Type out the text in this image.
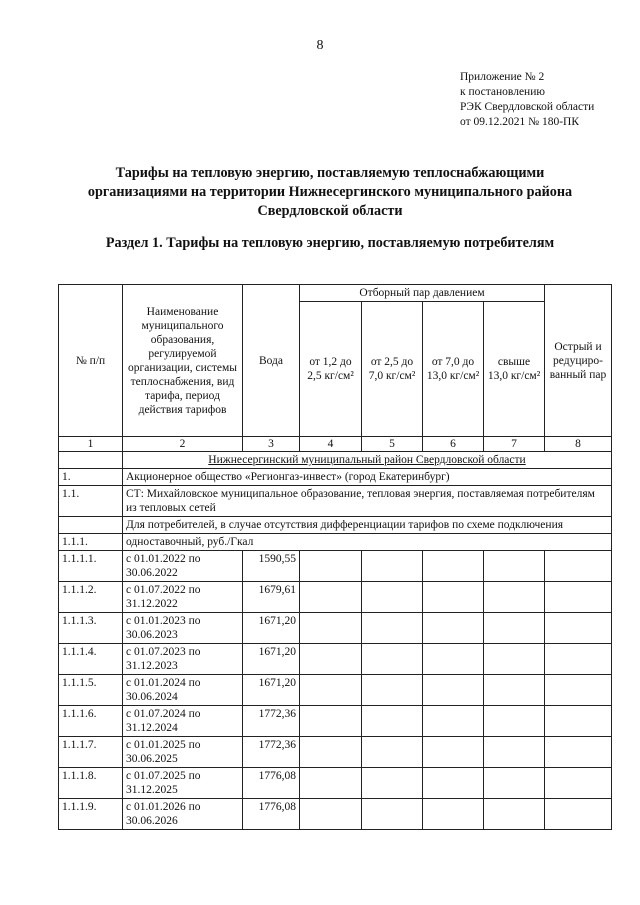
8
Приложение № 2
к постановлению
РЭК Свердловской области
от 09.12.2021 № 180-ПК
Тарифы на тепловую энергию, поставляемую теплоснабжающими
организациями на территории Нижнесергинского муниципального района
Свердловской области
Раздел 1. Тарифы на тепловую энергию, поставляемую потребителям
№ п/п	Наименование муниципального образования, регулируемой организации, системы теплоснабжения, вид тарифа, период действия тарифов	Вода	Отборный пар давлением				Острый и редуциро-ванный пар
			от 1,2 до 2,5 кг/см²	от 2,5 до 7,0 кг/см²	от 7,0 до 13,0 кг/см²	свыше 13,0 кг/см²	
1	2	3	4	5	6	7	8
	Нижнесергинский муниципальный район Свердловской области						
1.	Акционерное общество «Регионгаз-инвест» (город Екатеринбург)						
1.1.	СТ: Михайловское муниципальное образование, тепловая энергия, поставляемая потребителям из тепловых сетей						
	Для потребителей, в случае отсутствия дифференциации тарифов по схеме подключения						
1.1.1.	одноставочный, руб./Гкал						
1.1.1.1.	с 01.01.2022 по 30.06.2022	1590,55					
1.1.1.2.	с 01.07.2022 по 31.12.2022	1679,61					
1.1.1.3.	с 01.01.2023 по 30.06.2023	1671,20					
1.1.1.4.	с 01.07.2023 по 31.12.2023	1671,20					
1.1.1.5.	с 01.01.2024 по 30.06.2024	1671,20					
1.1.1.6.	с 01.07.2024 по 31.12.2024	1772,36					
1.1.1.7.	с 01.01.2025 по 30.06.2025	1772,36					
1.1.1.8.	с 01.07.2025 по 31.12.2025	1776,08					
1.1.1.9.	с 01.01.2026 по 30.06.2026	1776,08					
